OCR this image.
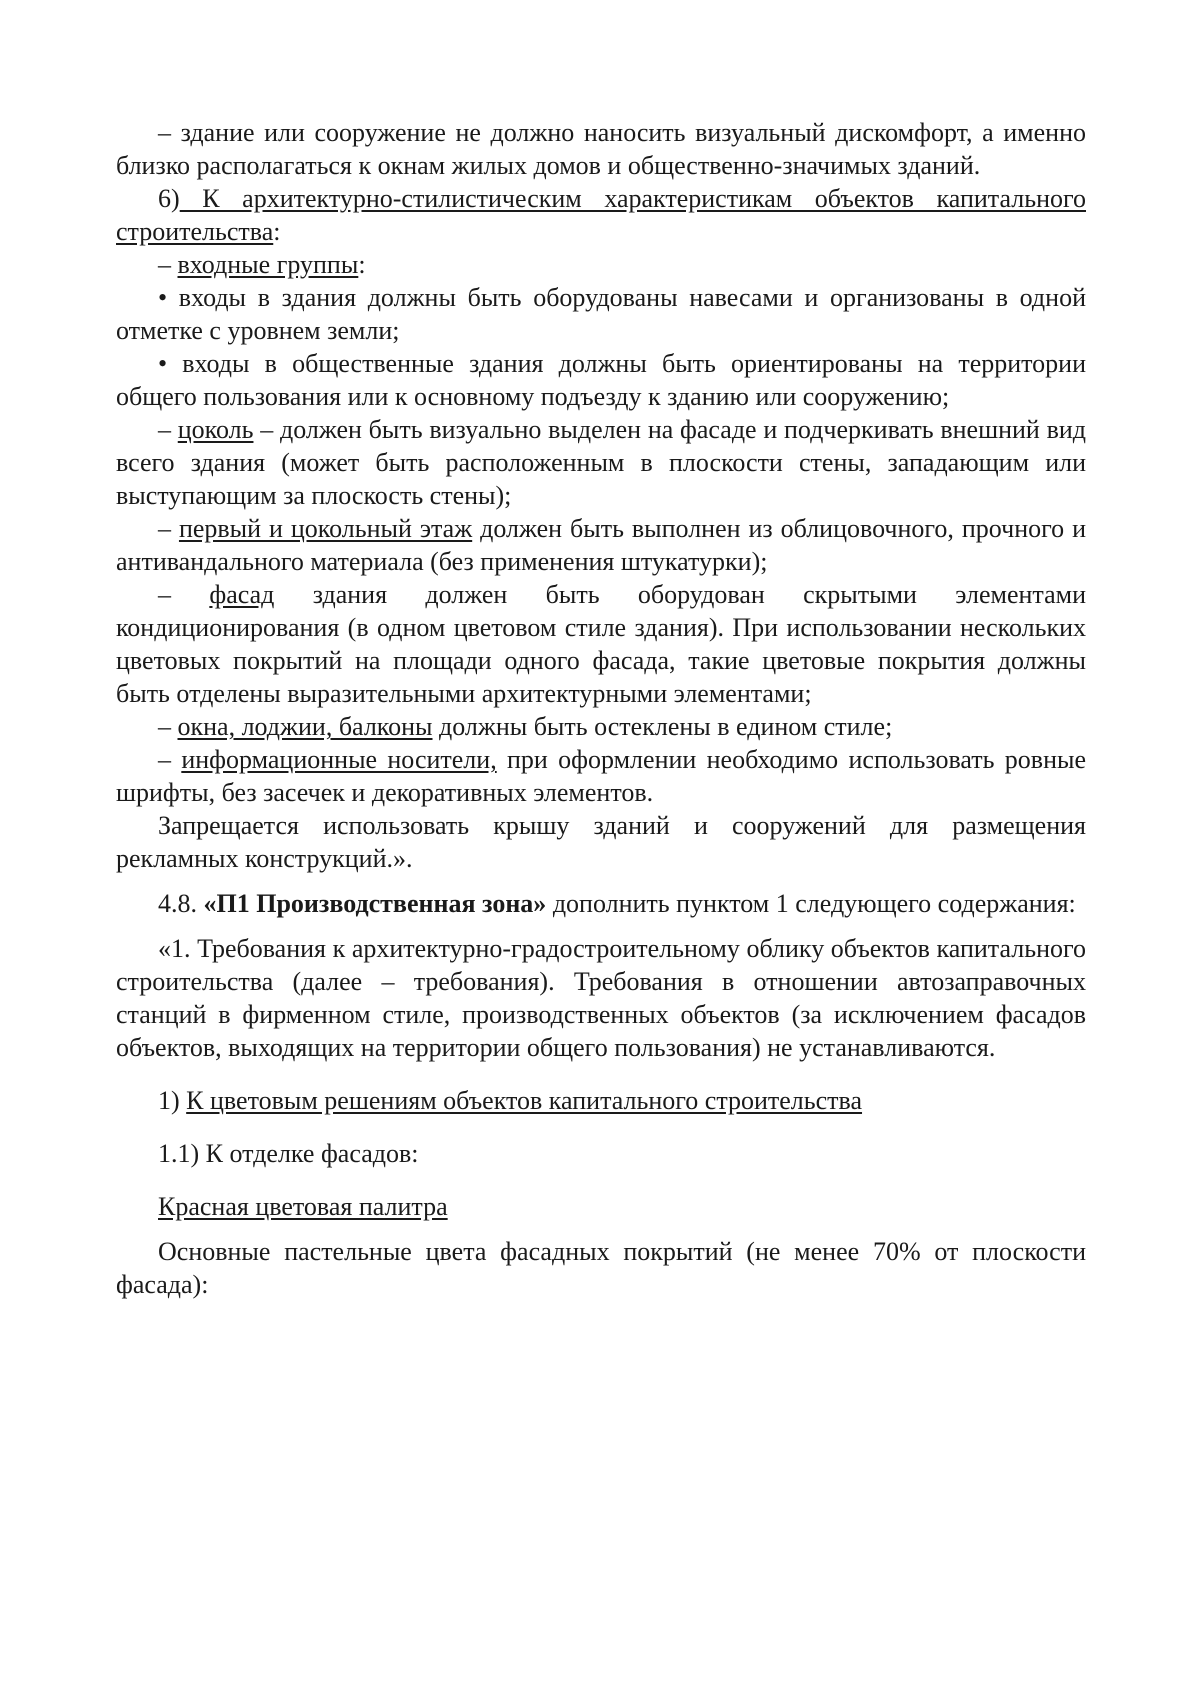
– здание или сооружение не должно наносить визуальный дискомфорт, а именно близко располагаться к окнам жилых домов и общественно-значимых зданий.

6) К архитектурно-стилистическим характеристикам объектов капитального строительства:

– входные группы:

• входы в здания должны быть оборудованы навесами и организованы в одной отметке с уровнем земли;

• входы в общественные здания должны быть ориентированы на территории общего пользования или к основному подъезду к зданию или сооружению;

– цоколь – должен быть визуально выделен на фасаде и подчеркивать внешний вид всего здания (может быть расположенным в плоскости стены, западающим или выступающим за плоскость стены);

– первый и цокольный этаж должен быть выполнен из облицовочного, прочного и антивандального материала (без применения штукатурки);

– фасад здания должен быть оборудован скрытыми элементами кондиционирования (в одном цветовом стиле здания). При использовании нескольких цветовых покрытий на площади одного фасада, такие цветовые покрытия должны быть отделены выразительными архитектурными элементами;

– окна, лоджии, балконы должны быть остеклены в едином стиле;

– информационные носители, при оформлении необходимо использовать ровные шрифты, без засечек и декоративных элементов.

Запрещается использовать крышу зданий и сооружений для размещения рекламных конструкций.».

4.8. «П1 Производственная зона» дополнить пунктом 1 следующего содержания:

«1. Требования к архитектурно-градостроительному облику объектов капитального строительства (далее – требования). Требования в отношении автозаправочных станций в фирменном стиле, производственных объектов (за исключением фасадов объектов, выходящих на территории общего пользования) не устанавливаются.

1) К цветовым решениям объектов капитального строительства

1.1) К отделке фасадов:

Красная цветовая палитра

Основные пастельные цвета фасадных покрытий (не менее 70% от плоскости фасада):
